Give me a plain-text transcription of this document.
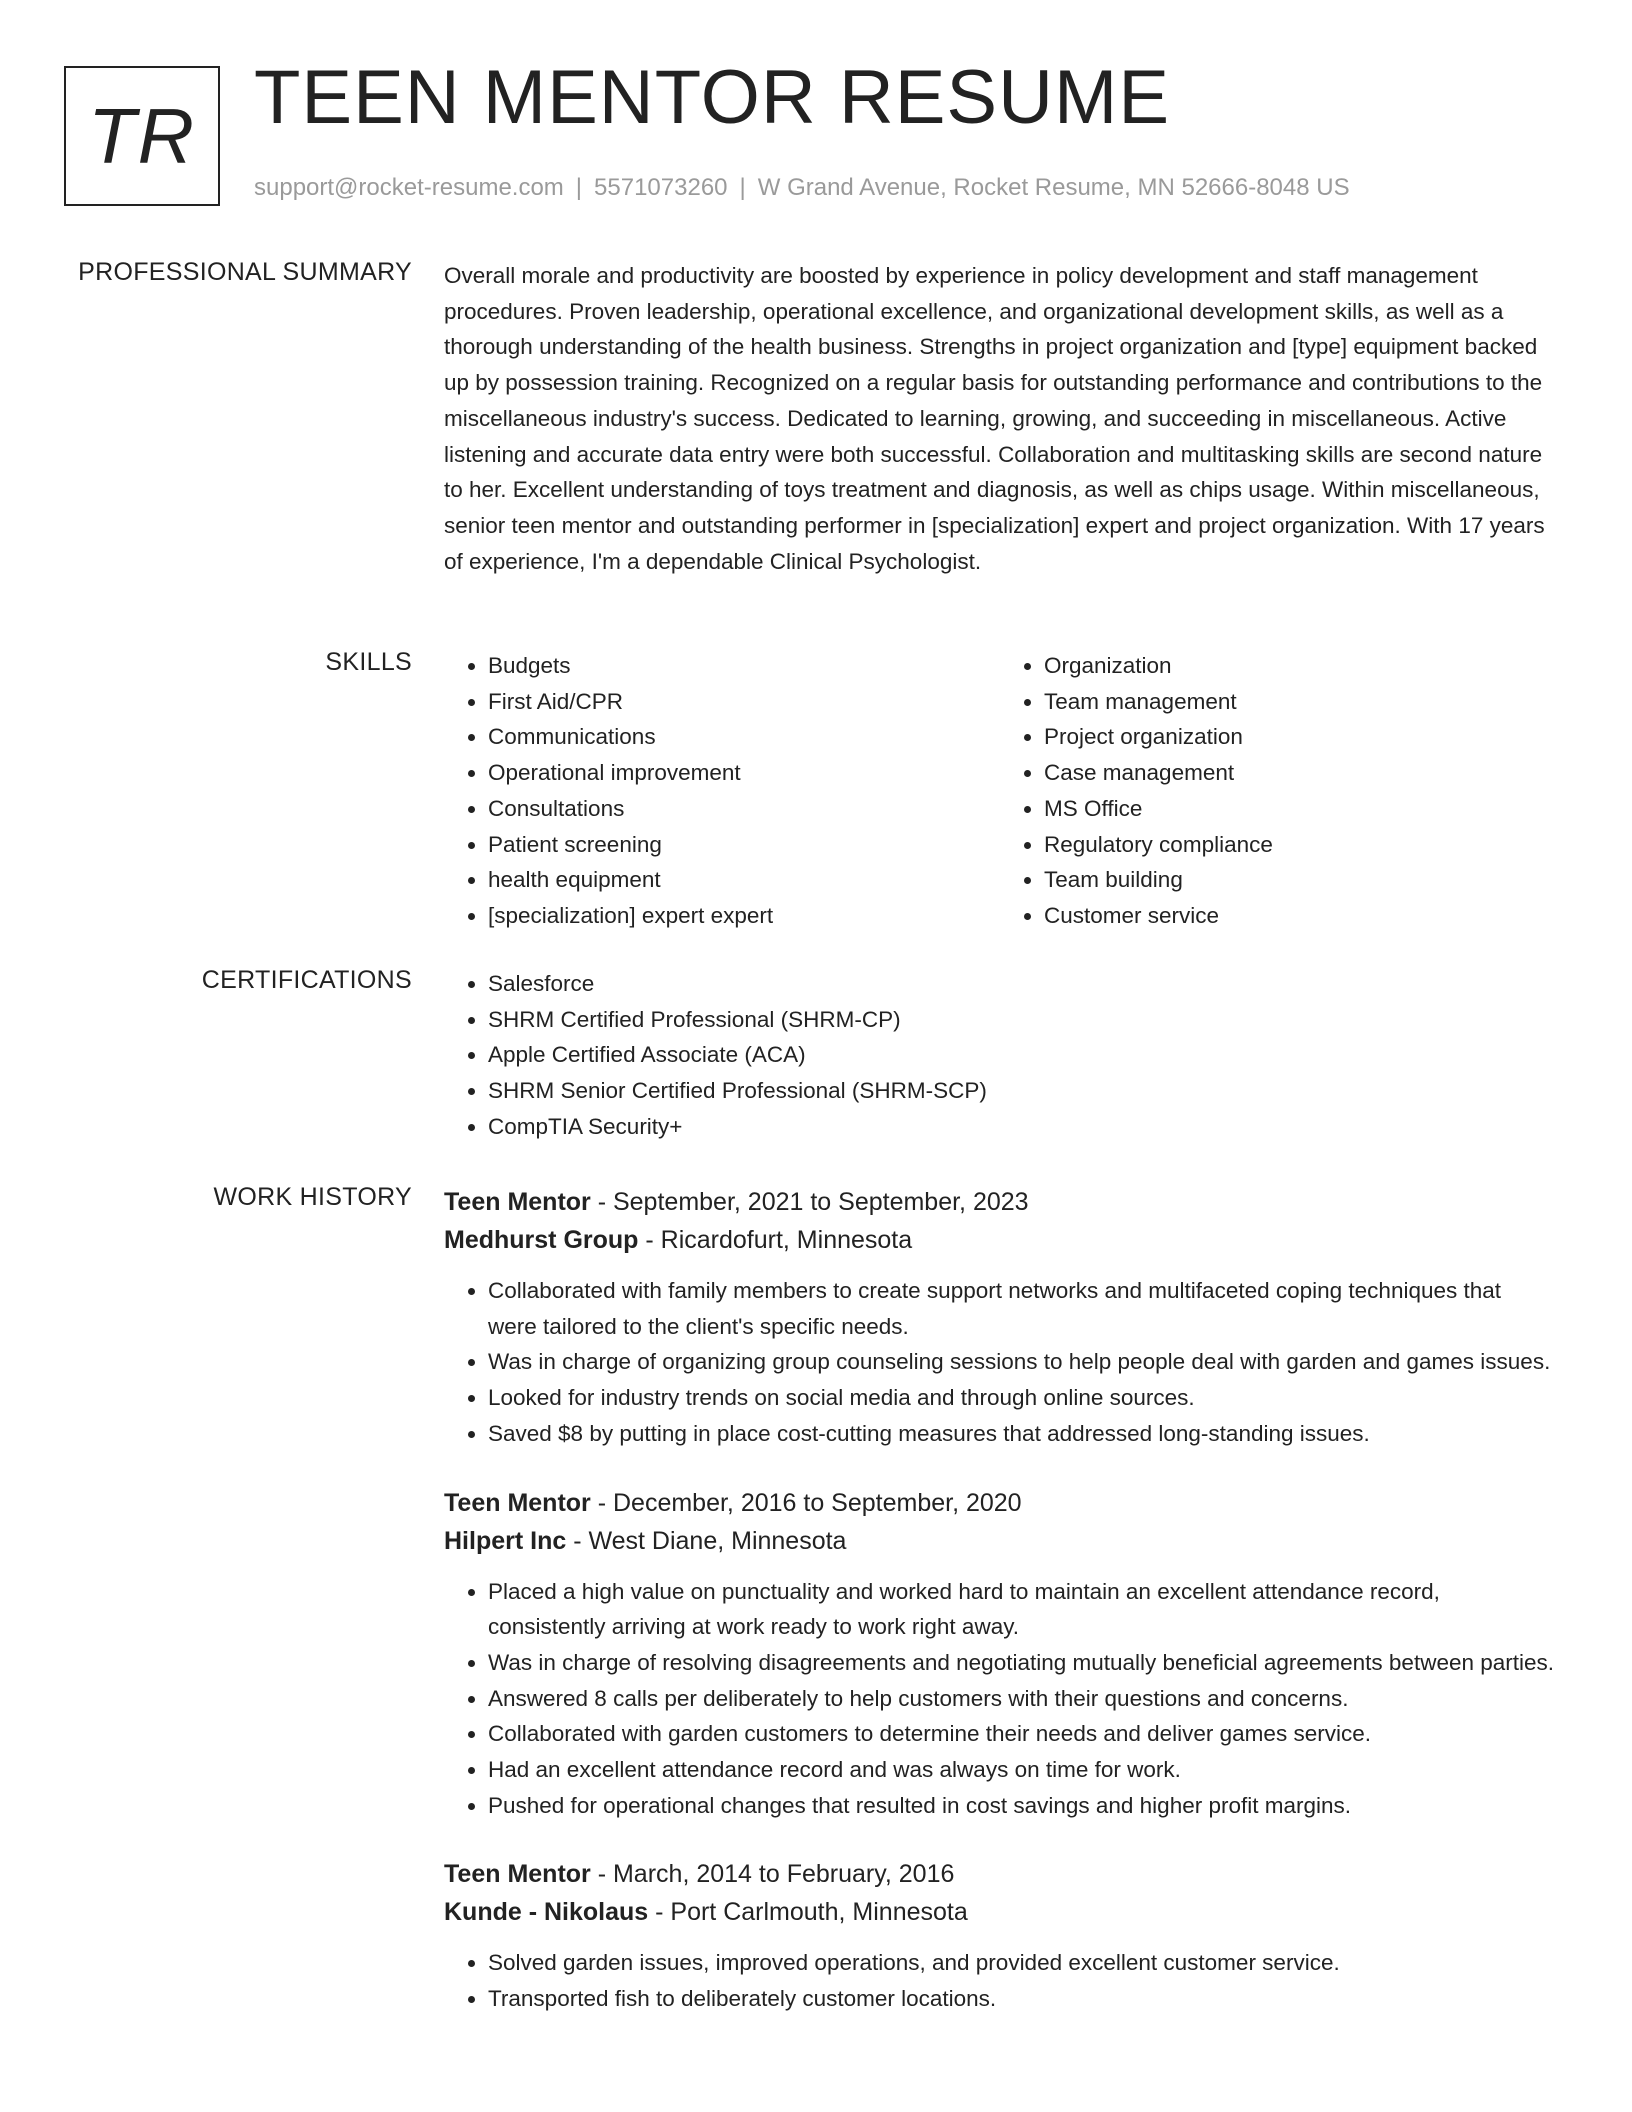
TR TEEN MENTOR RESUME
support@rocket-resume.com | 5571073260 | W Grand Avenue, Rocket Resume, MN 52666-8048 US
PROFESSIONAL SUMMARY Overall morale and productivity are boosted by experience in policy development and staff management procedures. Proven leadership, operational excellence, and organizational development skills, as well as a thorough understanding of the health business. Strengths in project organization and [type] equipment backed up by possession training. Recognized on a regular basis for outstanding performance and contributions to the miscellaneous industry's success. Dedicated to learning, growing, and succeeding in miscellaneous. Active listening and accurate data entry were both successful. Collaboration and multitasking skills are second nature to her. Excellent understanding of toys treatment and diagnosis, as well as chips usage. Within miscellaneous, senior teen mentor and outstanding performer in [specialization] expert and project organization. With 17 years of experience, I'm a dependable Clinical Psychologist.

SKILLS	• Budgets
• First Aid/CPR
• Communications
• Operational improvement
• Consultations
• Patient screening
• health equipment
• [specialization] expert expert
• Organization
• Team management
• Project organization
• Case management
• MS Office
• Regulatory compliance
• Team building
• Customer service
CERTIFICATIONS	• Salesforce
• SHRM Certified Professional (SHRM-CP)
• Apple Certified Associate (ACA)
• SHRM Senior Certified Professional (SHRM-SCP)
• CompTIA Security+
WORK HISTORY Teen Mentor - September, 2021 to September, 2023
Medhurst Group - Ricardofurt, Minnesota
• Collaborated with family members to create support networks and multifaceted coping techniques that were tailored to the client's specific needs.
• Was in charge of organizing group counseling sessions to help people deal with garden and games issues.
• Looked for industry trends on social media and through online sources.
• Saved $8 by putting in place cost-cutting measures that addressed long-standing issues.
Teen Mentor - December, 2016 to September, 2020
Hilpert Inc - West Diane, Minnesota
• Placed a high value on punctuality and worked hard to maintain an excellent attendance record, consistently arriving at work ready to work right away.
• Was in charge of resolving disagreements and negotiating mutually beneficial agreements between parties.
• Answered 8 calls per deliberately to help customers with their questions and concerns.
• Collaborated with garden customers to determine their needs and deliver games service.
• Had an excellent attendance record and was always on time for work.
• Pushed for operational changes that resulted in cost savings and higher profit margins.
Teen Mentor - March, 2014 to February, 2016
Kunde - Nikolaus - Port Carlmouth, Minnesota
• Solved garden issues, improved operations, and provided excellent customer service.
• Transported fish to deliberately customer locations.
